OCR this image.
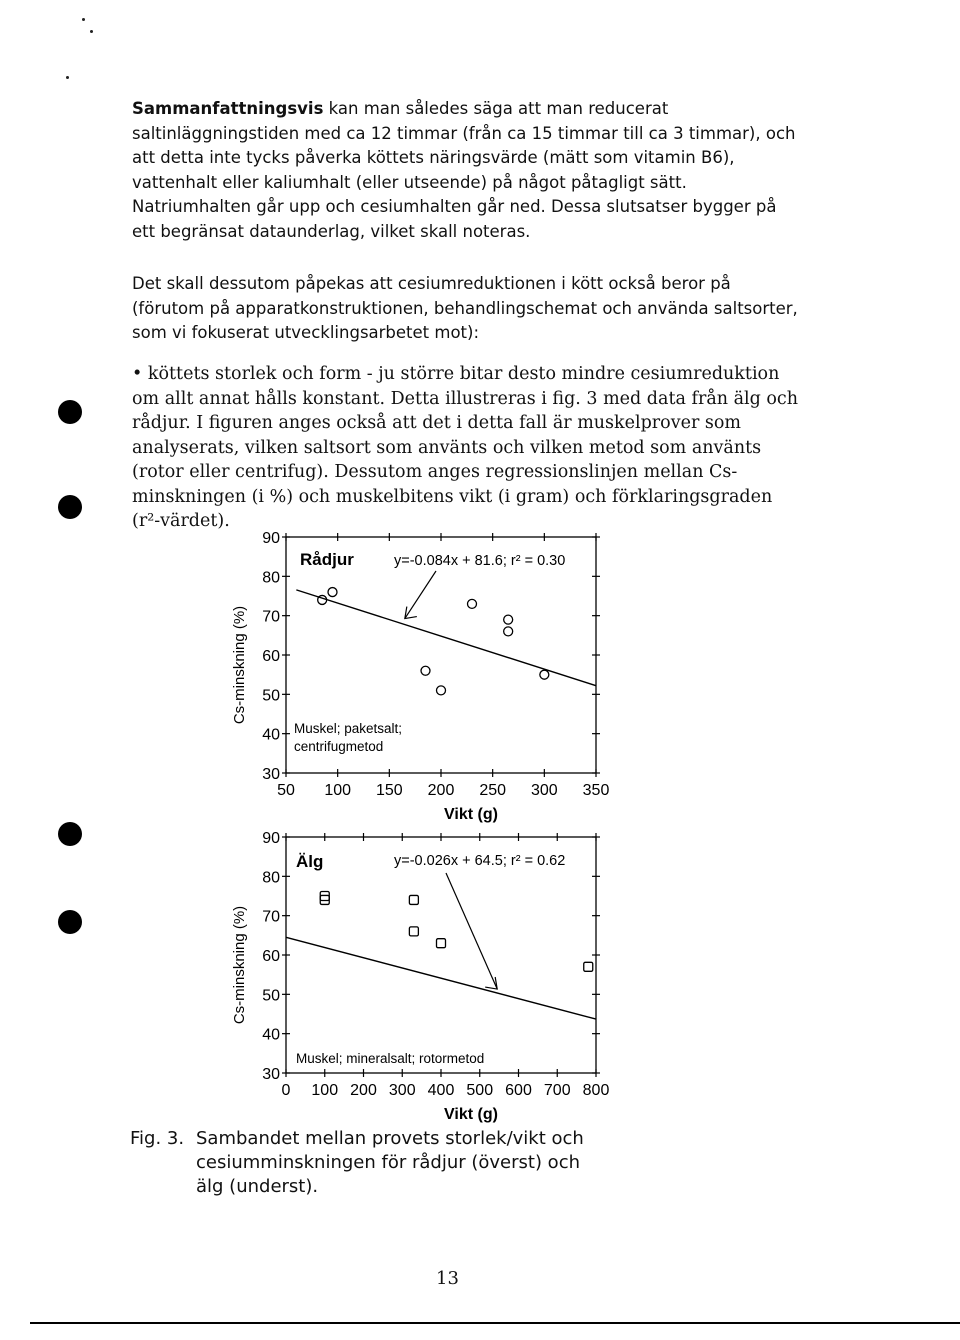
Sammanfattningsvis kan man således säga att man reducerat saltinläggningstiden med ca 12 timmar (från ca 15 timmar till ca 3 timmar), och att detta inte tycks påverka köttets näringsvärde (mätt som vitamin B6), vattenhalt eller kaliumhalt (eller utseende) på något påtagligt sätt. Natriumhalten går upp och cesiumhalten går ned. Dessa slutsatser bygger på ett begränsat dataunderlag, vilket skall noteras.

Det skall dessutom påpekas att cesiumreduktionen i kött också beror på (förutom på apparatkonstruktionen, behandlingschemat och använda saltsorter, som vi fokuserat utvecklingsarbetet mot):

• köttets storlek och form - ju större bitar desto mindre cesiumreduktion om allt annat hålls konstant. Detta illustreras i fig. 3 med data från älg och rådjur. I figuren anges också att det i detta fall är muskelprover som analyserats, vilken saltsort som använts och vilken metod som använts (rotor eller centrifug). Dessutom anges regressionslinjen mellan Cs-minskningen (i %) och muskelbitens vikt (i gram) och förklaringsgraden (r²-värdet).

30
40
50
60
70
80
90
50 100 150 200 250 300 350
Vikt (g)
Cs-minskning (%)
Rådjur	y=-0.084x + 81.6; r² = 0.30
Muskel; paketsalt;
centrifugmetod
30
40
50
60
70
80
90
0 100 200 300 400 500 600 700 800
Vikt (g)
Cs-minskning (%)
Älg	y=-0.026x + 64.5; r² = 0.62
Muskel; mineralsalt; rotormetod
Fig. 3. Sambandet mellan provets storlek/vikt och cesiumminskningen för rådjur (överst) och älg (underst).
13
